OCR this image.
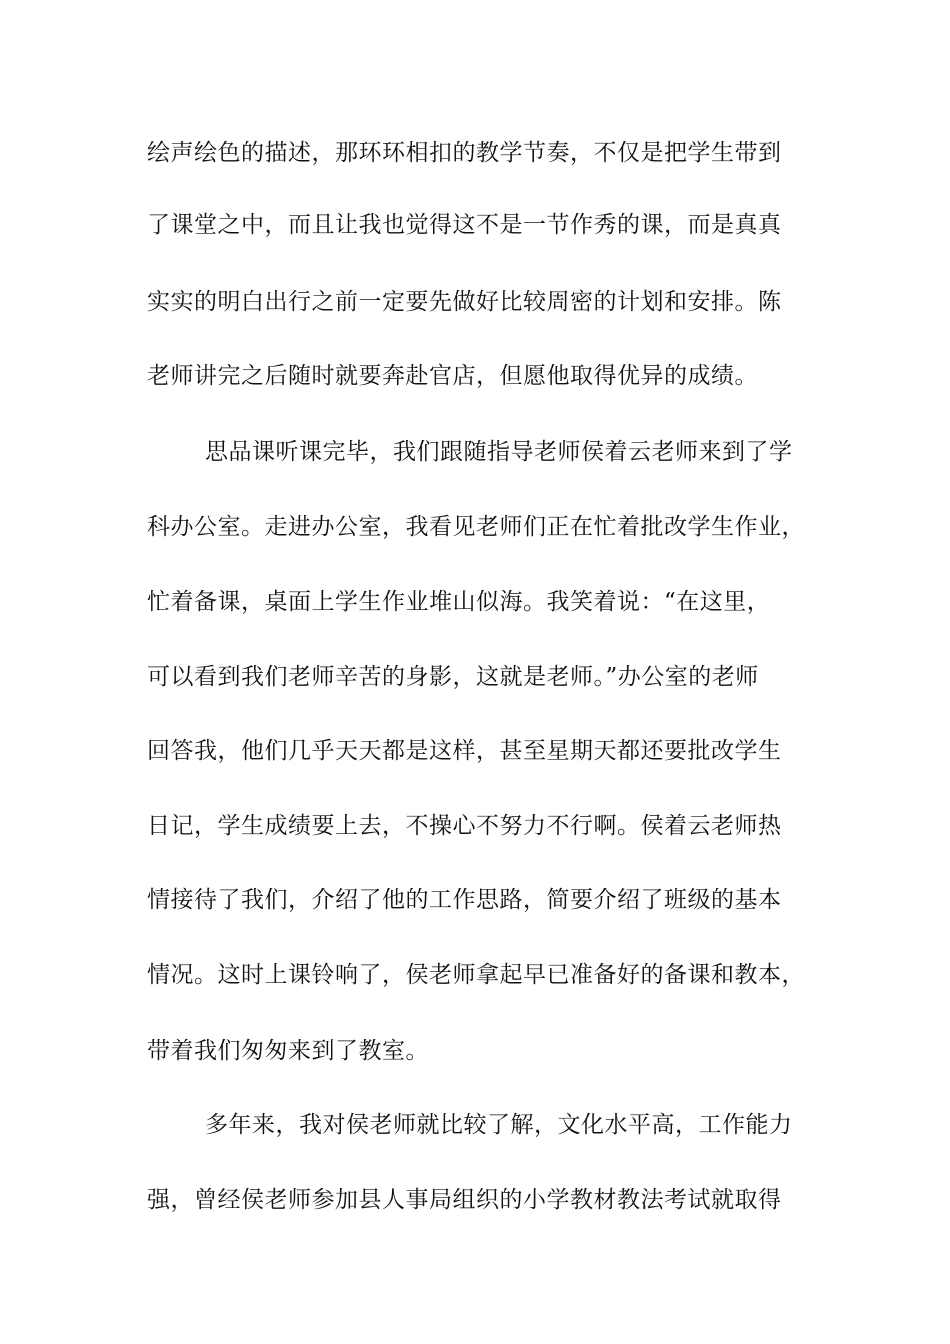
绘声绘色的描述，那环环相扣的教学节奏，不仅是把学生带到
了课堂之中，而且让我也觉得这不是一节作秀的课，而是真真
实实的明白出行之前一定要先做好比较周密的计划和安排。陈
老师讲完之后随时就要奔赴官店，但愿他取得优异的成绩。
思品课听课完毕，我们跟随指导老师侯着云老师来到了学
科办公室。走进办公室，我看见老师们正在忙着批改学生作业，
忙着备课，桌面上学生作业堆山似海。我笑着说：“在这里，
可以看到我们老师辛苦的身影，这就是老师。”办公室的老师
回答我，他们几乎天天都是这样，甚至星期天都还要批改学生
日记，学生成绩要上去，不操心不努力不行啊。侯着云老师热
情接待了我们，介绍了他的工作思路，简要介绍了班级的基本
情况。这时上课铃响了，侯老师拿起早已准备好的备课和教本，
带着我们匆匆来到了教室。
多年来，我对侯老师就比较了解，文化水平高，工作能力
强，曾经侯老师参加县人事局组织的小学教材教法考试就取得
